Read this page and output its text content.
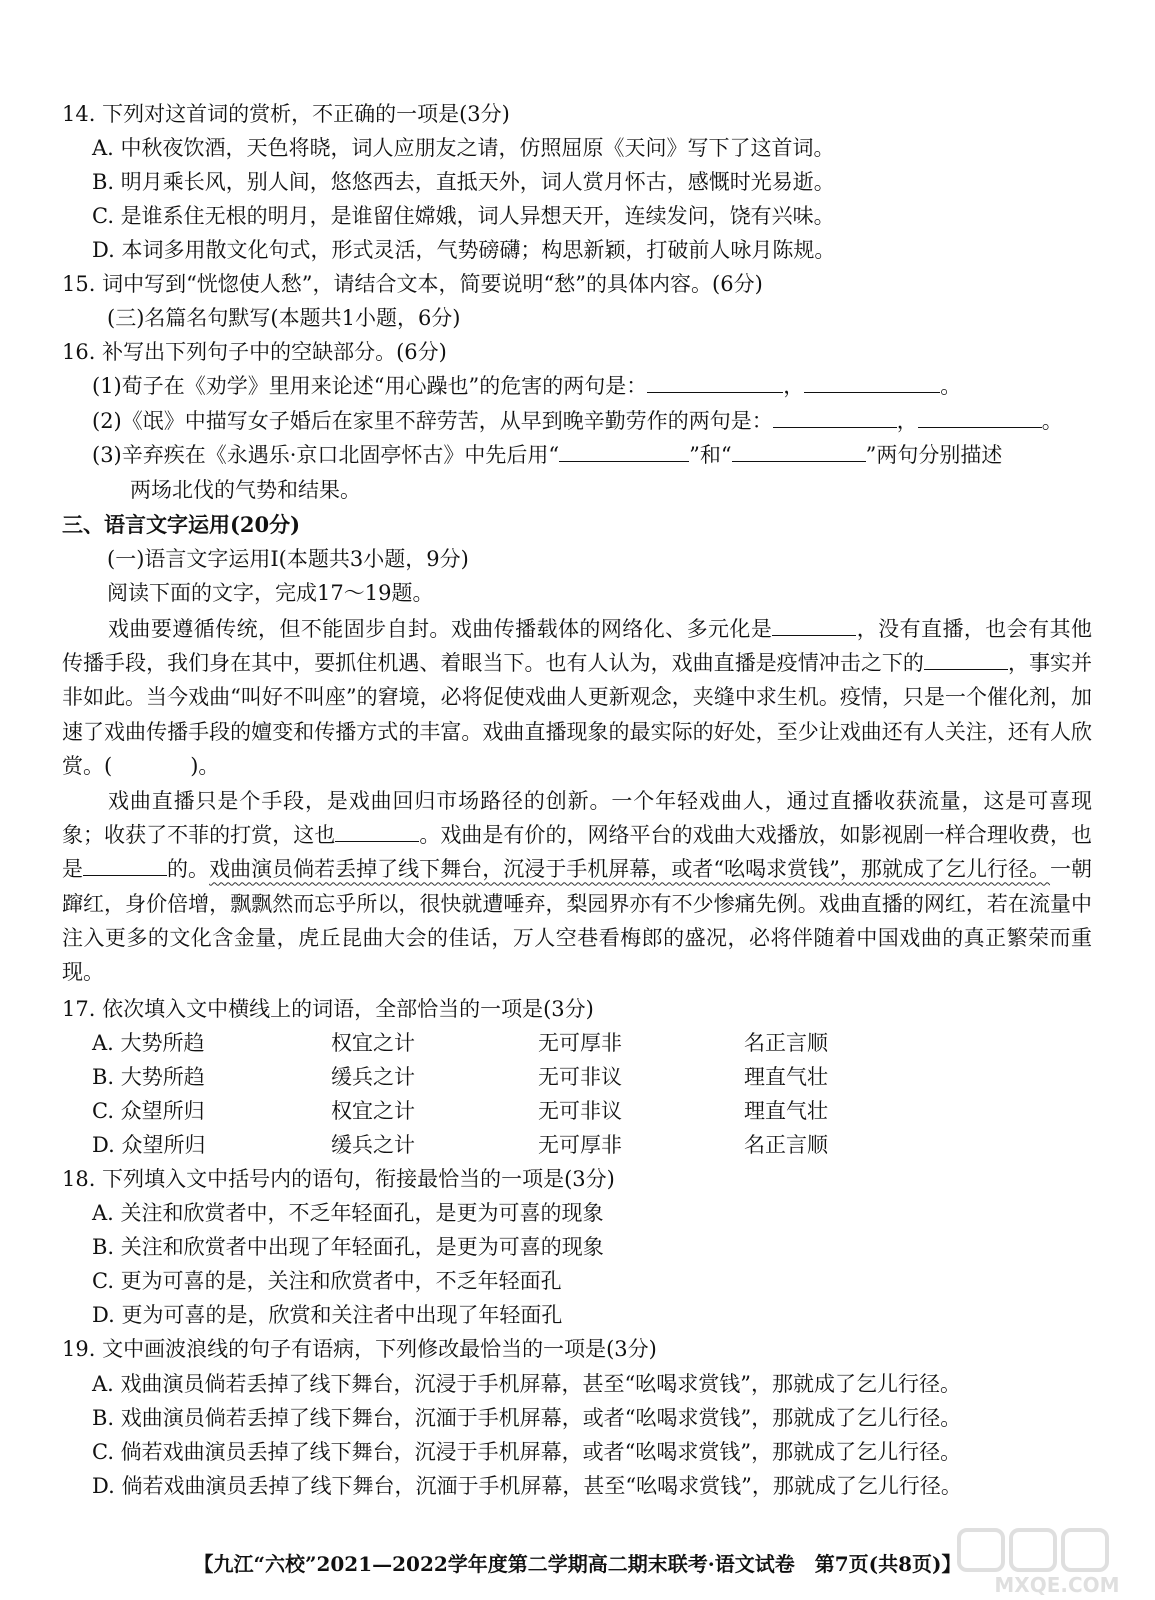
14. 下列对这首词的赏析，不正确的一项是(3分)
A. 中秋夜饮酒，天色将晓，词人应朋友之请，仿照屈原《天问》写下了这首词。
B. 明月乘长风，别人间，悠悠西去，直抵天外，词人赏月怀古，感慨时光易逝。
C. 是谁系住无根的明月，是谁留住嫦娥，词人异想天开，连续发问，饶有兴味。
D. 本词多用散文化句式，形式灵活，气势磅礴；构思新颖，打破前人咏月陈规。
15. 词中写到“恍惚使人愁”，请结合文本，简要说明“愁”的具体内容。(6分)
(三)名篇名句默写(本题共1小题，6分)
16. 补写出下列句子中的空缺部分。(6分)
(1)荀子在《劝学》里用来论述“用心躁也”的危害的两句是：	，	。
(2)《氓》中描写女子婚后在家里不辞劳苦，从早到晚辛勤劳作的两句是：	，	。
(3)辛弃疾在《永遇乐·京口北固亭怀古》中先后用“	”和“	”两句分别描述
两场北伐的气势和结果。
三、语言文字运用(20分)
(一)语言文字运用Ⅰ(本题共3小题，9分)
阅读下面的文字，完成17～19题。
戏曲要遵循传统，但不能固步自封。戏曲传播载体的网络化、多元化是	，没有直播，也会有其他传播手段，我们身在其中，要抓住机遇、着眼当下。也有人认为，戏曲直播是疫情冲击之下的	，事实并非如此。当今戏曲“叫好不叫座”的窘境，必将促使戏曲人更新观念，夹缝中求生机。疫情，只是一个催化剂，加速了戏曲传播手段的嬗变和传播方式的丰富。戏曲直播现象的最实际的好处，至少让戏曲还有人关注，还有人欣赏。(	)。
戏曲直播只是个手段，是戏曲回归市场路径的创新。一个年轻戏曲人，通过直播收获流量，这是可喜现象；收获了不菲的打赏，这也	。戏曲是有价的，网络平台的戏曲大戏播放，如影视剧一样合理收费，也是	的。戏曲演员倘若丢掉了线下舞台，沉浸于手机屏幕，或者“吆喝求赏钱”，那就成了乞儿行径。一朝蹿红，身价倍增，飘飘然而忘乎所以，很快就遭唾弃，梨园界亦有不少惨痛先例。戏曲直播的网红，若在流量中注入更多的文化含金量，虎丘昆曲大会的佳话，万人空巷看梅郎的盛况，必将伴随着中国戏曲的真正繁荣而重现。
17. 依次填入文中横线上的词语，全部恰当的一项是(3分)
A. 大势所趋	权宜之计	无可厚非	名正言顺
B. 大势所趋	缓兵之计	无可非议	理直气壮
C. 众望所归	权宜之计	无可非议	理直气壮
D. 众望所归	缓兵之计	无可厚非	名正言顺
18. 下列填入文中括号内的语句，衔接最恰当的一项是(3分)
A. 关注和欣赏者中，不乏年轻面孔，是更为可喜的现象
B. 关注和欣赏者中出现了年轻面孔，是更为可喜的现象
C. 更为可喜的是，关注和欣赏者中，不乏年轻面孔
D. 更为可喜的是，欣赏和关注者中出现了年轻面孔
19. 文中画波浪线的句子有语病，下列修改最恰当的一项是(3分)
A. 戏曲演员倘若丢掉了线下舞台，沉浸于手机屏幕，甚至“吆喝求赏钱”，那就成了乞儿行径。
B. 戏曲演员倘若丢掉了线下舞台，沉湎于手机屏幕，或者“吆喝求赏钱”，那就成了乞儿行径。
C. 倘若戏曲演员丢掉了线下舞台，沉浸于手机屏幕，或者“吆喝求赏钱”，那就成了乞儿行径。
D. 倘若戏曲演员丢掉了线下舞台，沉湎于手机屏幕，甚至“吆喝求赏钱”，那就成了乞儿行径。
【九江“六校”2021—2022学年度第二学期高二期末联考·语文试卷　第7页(共8页)】
MXQE.COM
